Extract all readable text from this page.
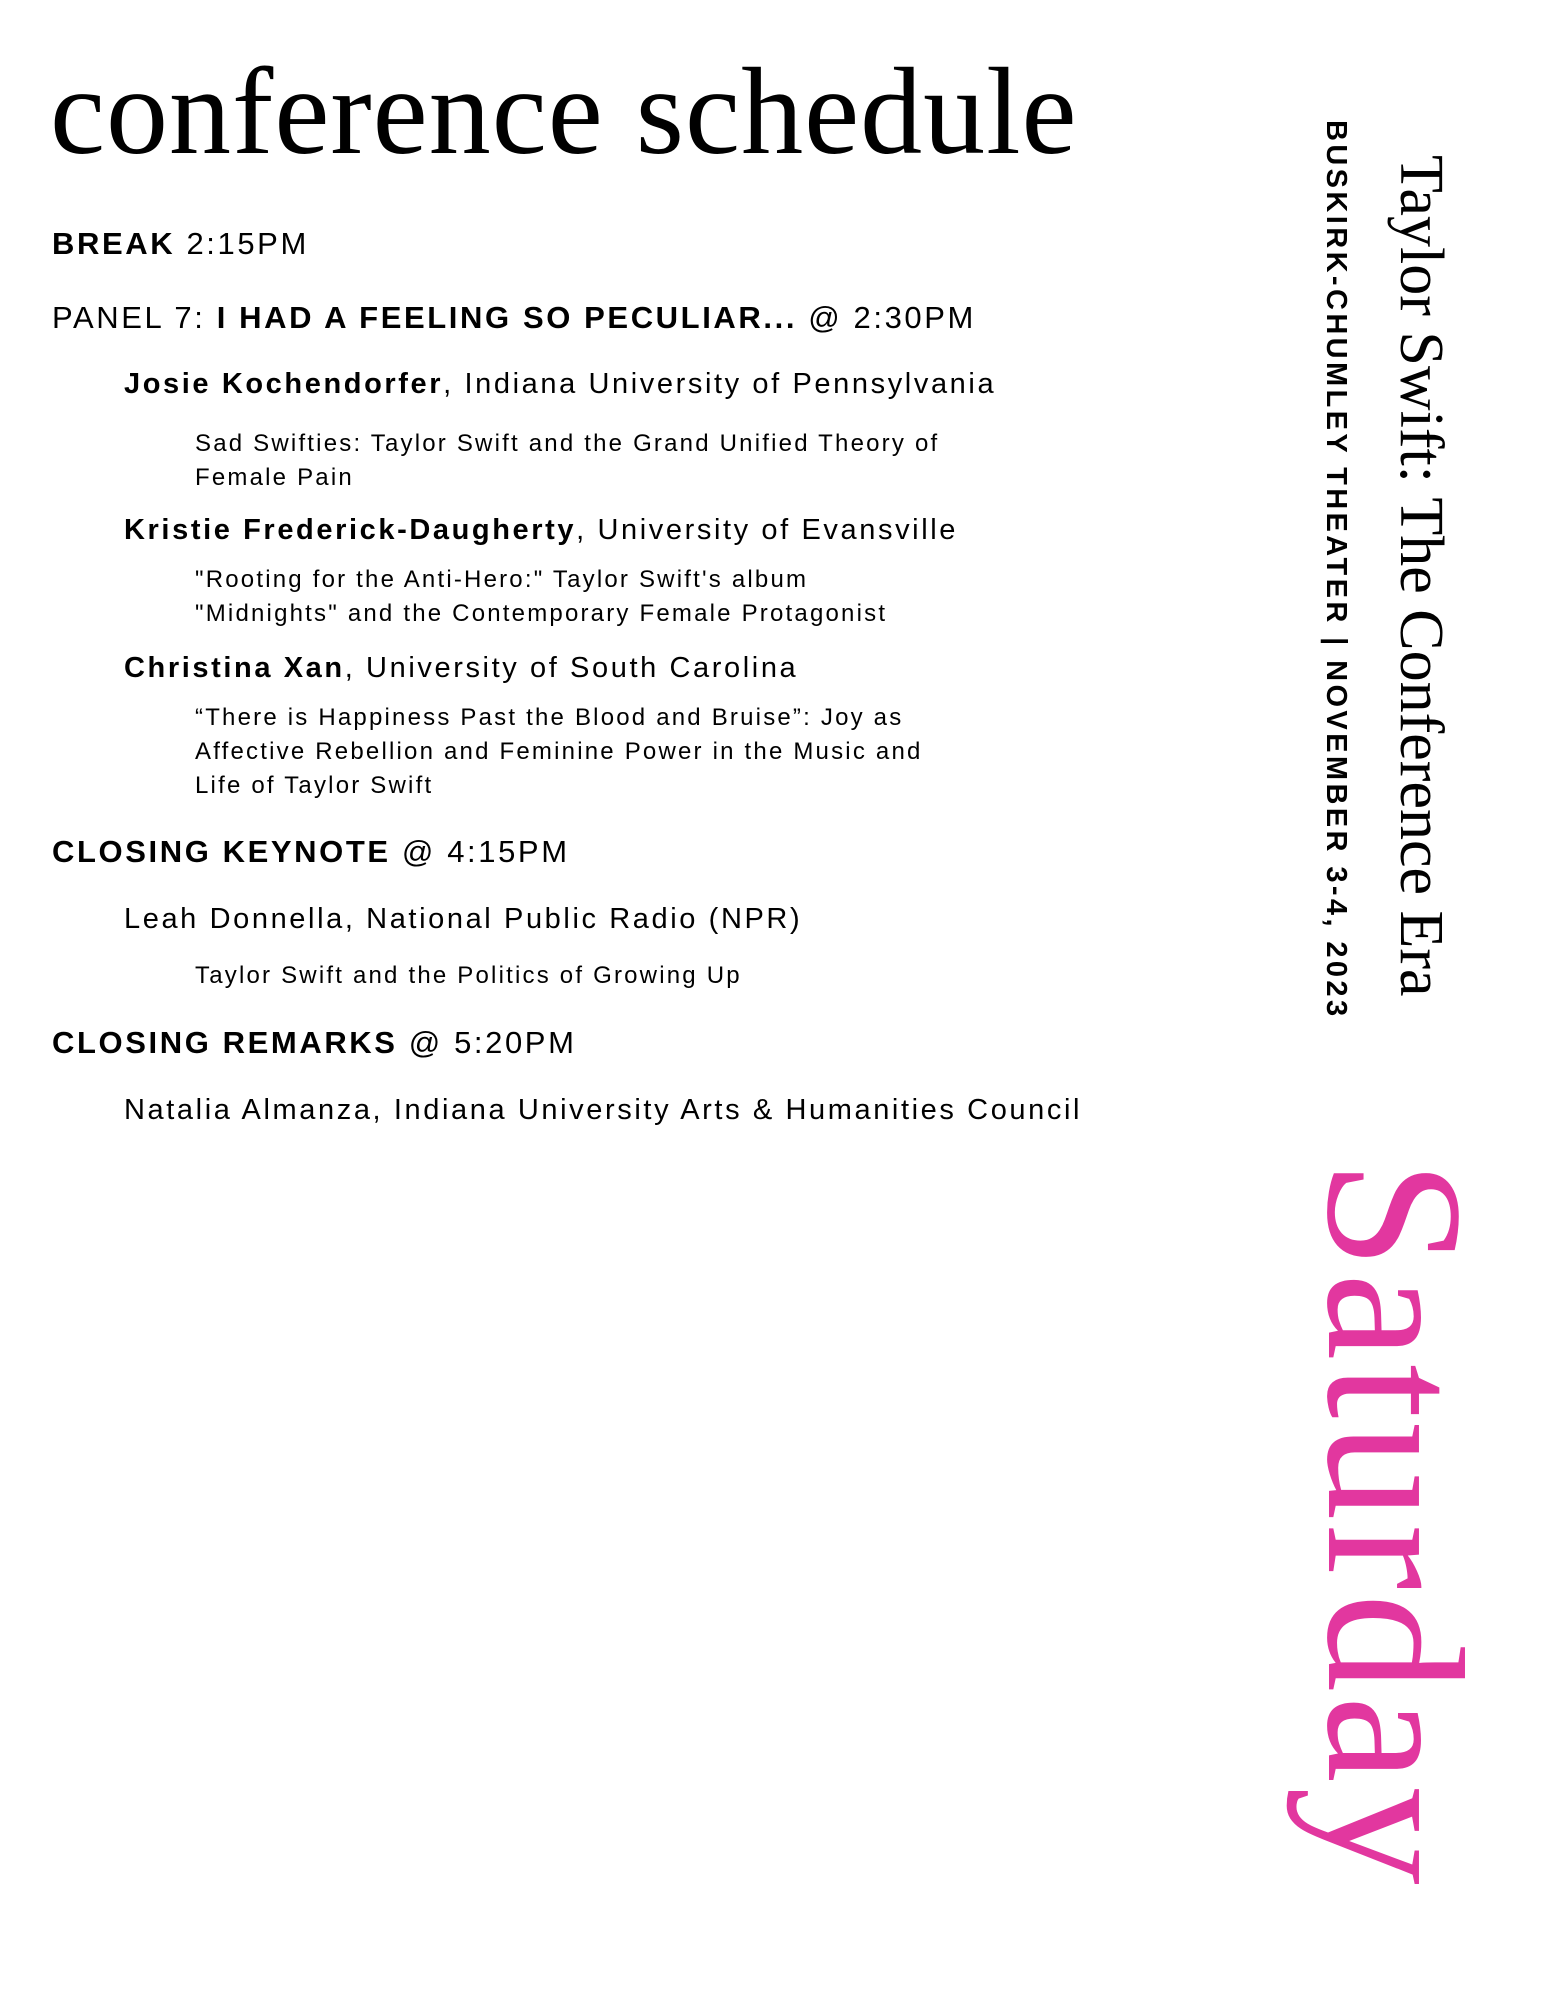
conference schedule
BREAK 2:15PM
PANEL 7: I HAD A FEELING SO PECULIAR... @ 2:30PM
Josie Kochendorfer, Indiana University of Pennsylvania
Sad Swifties: Taylor Swift and the Grand Unified Theory of
Female Pain
Kristie Frederick-Daugherty, University of Evansville
"Rooting for the Anti-Hero:" Taylor Swift's album
"Midnights" and the Contemporary Female Protagonist
Christina Xan, University of South Carolina
“There is Happiness Past the Blood and Bruise”: Joy as
Affective Rebellion and Feminine Power in the Music and
Life of Taylor Swift
CLOSING KEYNOTE @ 4:15PM
Leah Donnella, National Public Radio (NPR)
Taylor Swift and the Politics of Growing Up
CLOSING REMARKS @ 5:20PM
Natalia Almanza, Indiana University Arts & Humanities Council
Taylor Swift: The Conference Era
BUSKIRK-CHUMLEY THEATER | NOVEMBER 3-4, 2023
Saturday
